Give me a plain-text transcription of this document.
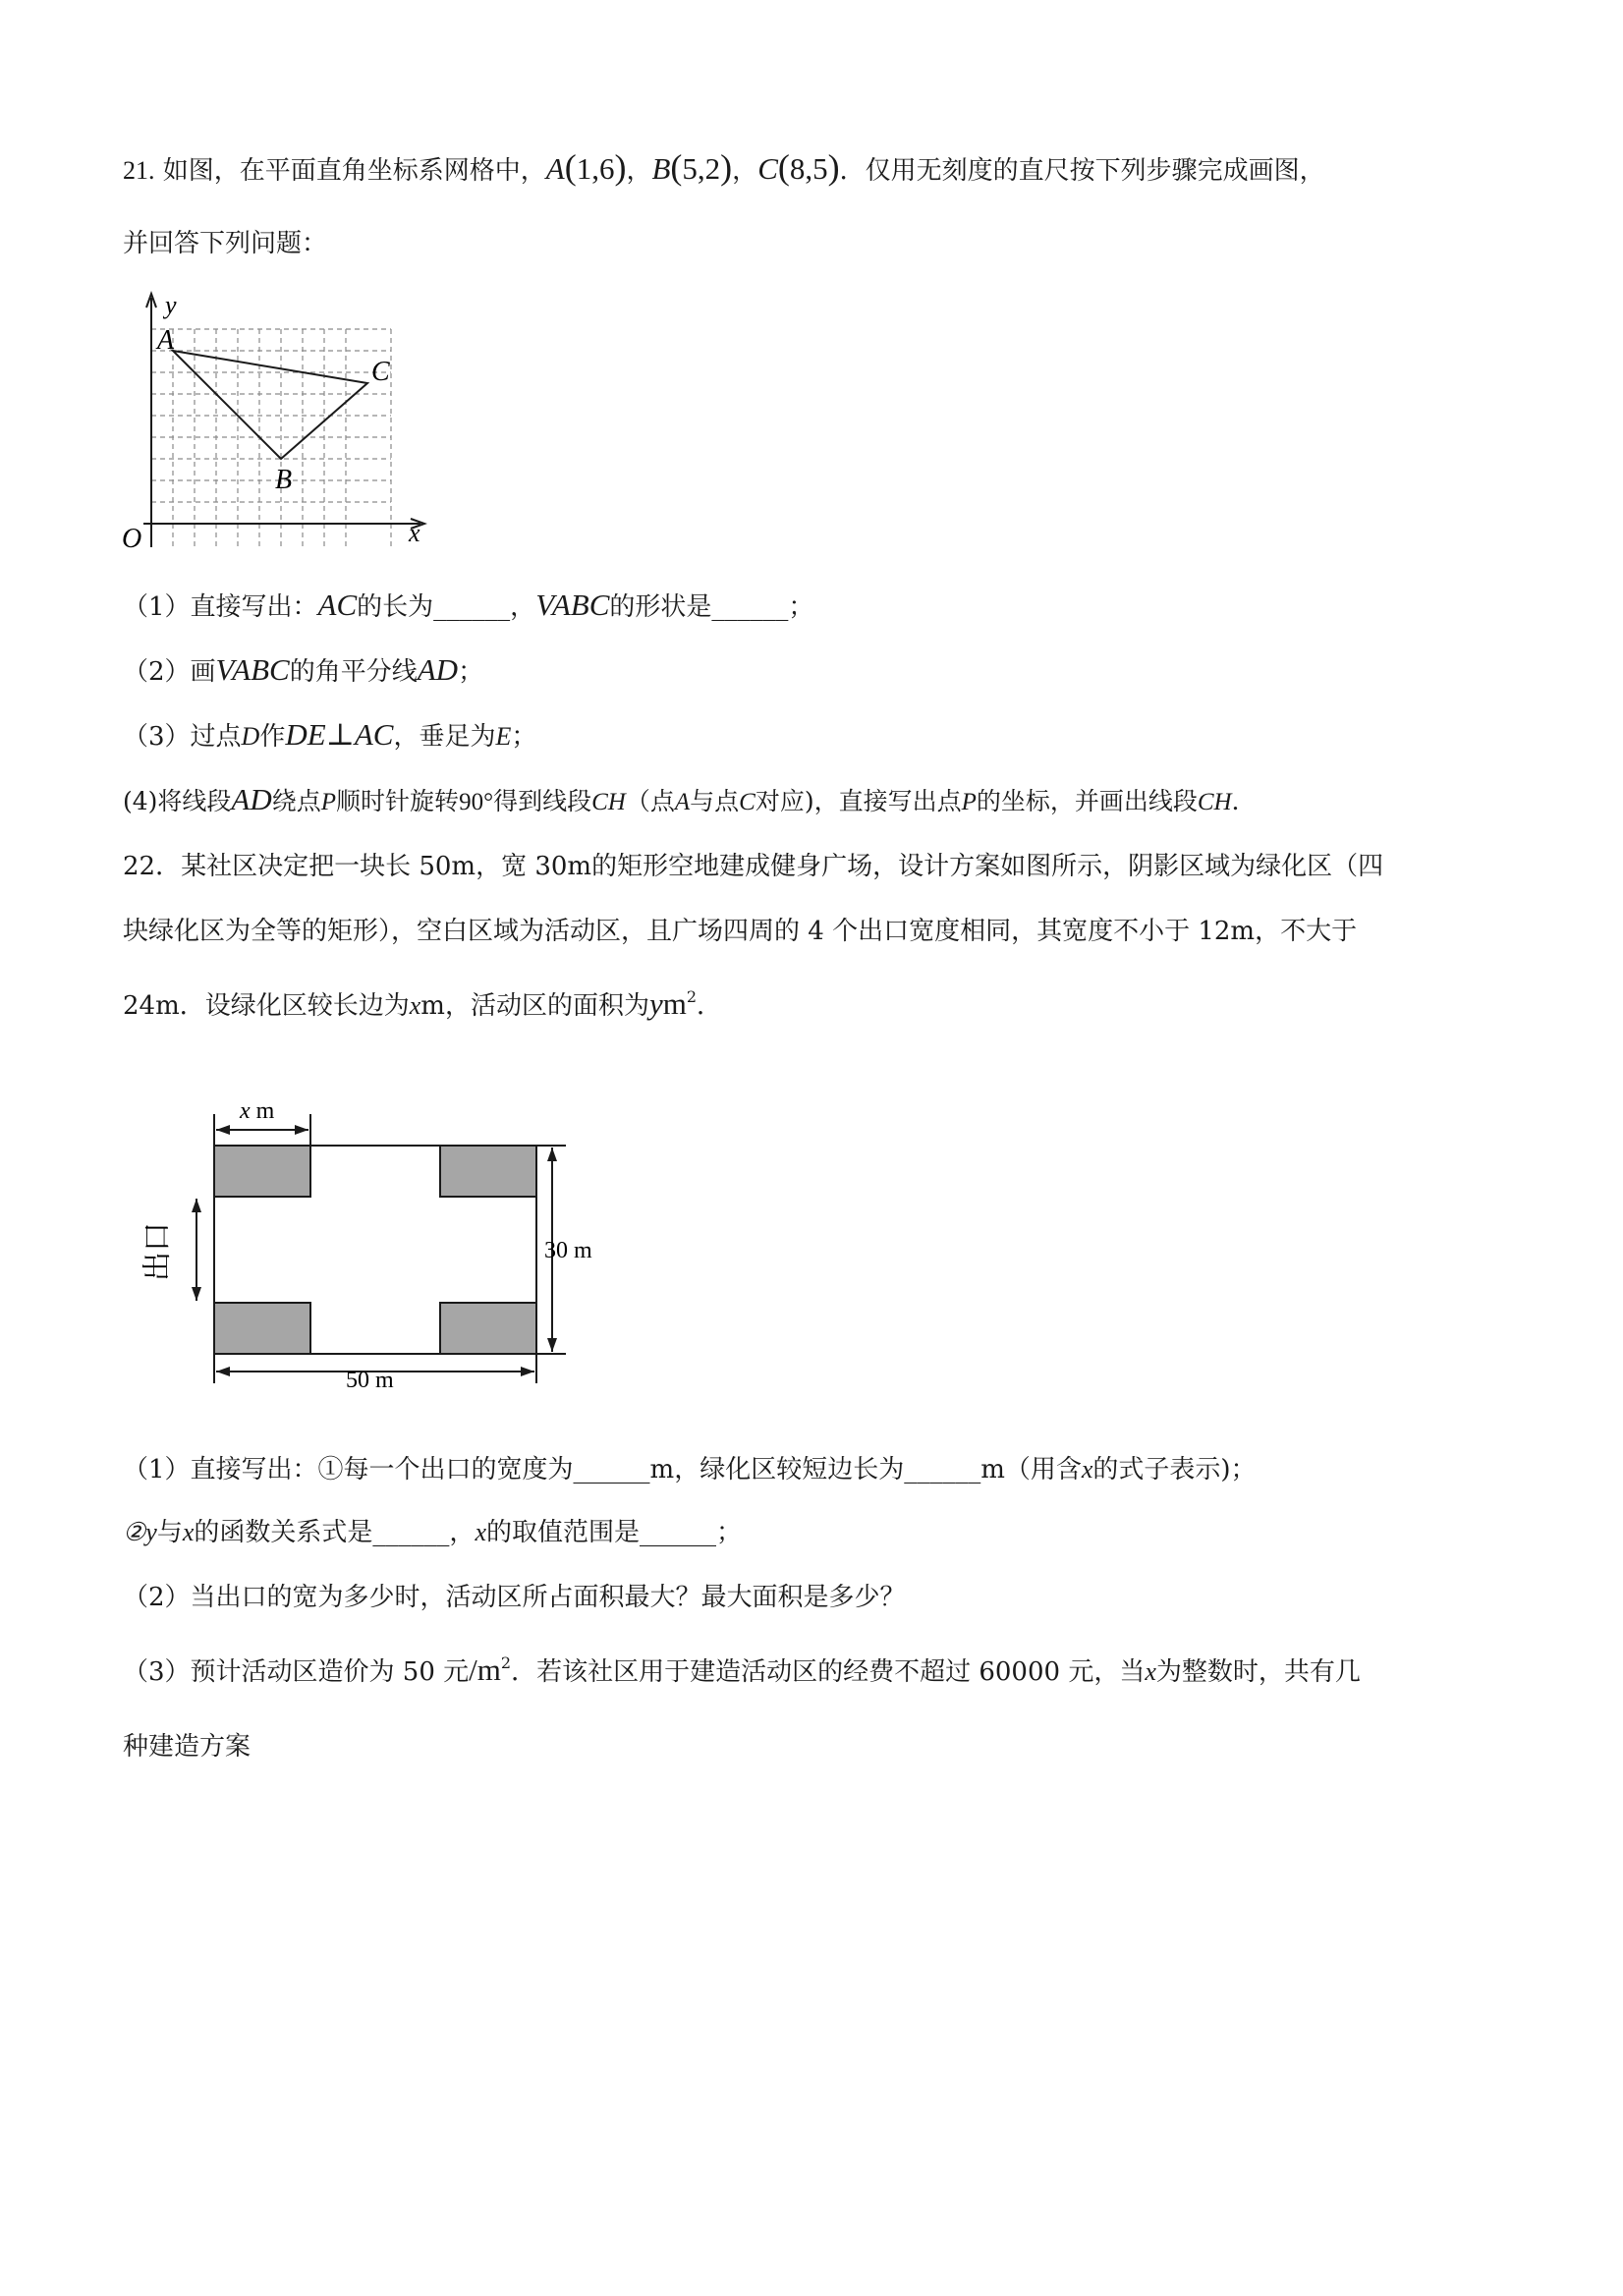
21. 如图，在平面直角坐标系网格中，A(1,6)，B(5,2)，C(8,5)．仅用无刻度的直尺按下列步骤完成画图，
并回答下列问题：
y
x
O
A
C
B
（1）直接写出：AC的长为______，VABC的形状是______；
（2）画VABC的角平分线AD；
（3）过点D作DE⊥AC，垂足为E；
(4)将线段AD绕点P顺时针旋转90°得到线段CH（点A与点C对应)，直接写出点P的坐标，并画出线段CH．
22．某社区决定把一块长 50m，宽 30m的矩形空地建成健身广场，设计方案如图所示，阴影区域为绿化区（四
块绿化区为全等的矩形），空白区域为活动区，且广场四周的 4 个出口宽度相同，其宽度不小于 12m，不大于
24m．设绿化区较长边为xm，活动区的面积为$ym^2$．
x m
30 m
50 m
出口
（1）直接写出：①每一个出口的宽度为______m，绿化区较短边长为______m（用含x的式子表示)；
②y与x的函数关系式是______，x的取值范围是______；
（2）当出口的宽为多少时，活动区所占面积最大？最大面积是多少？
（3）预计活动区造价为 50 元$/m^2$．若该社区用于建造活动区的经费不超过 60000 元，当x为整数时，共有几
种建造方案
